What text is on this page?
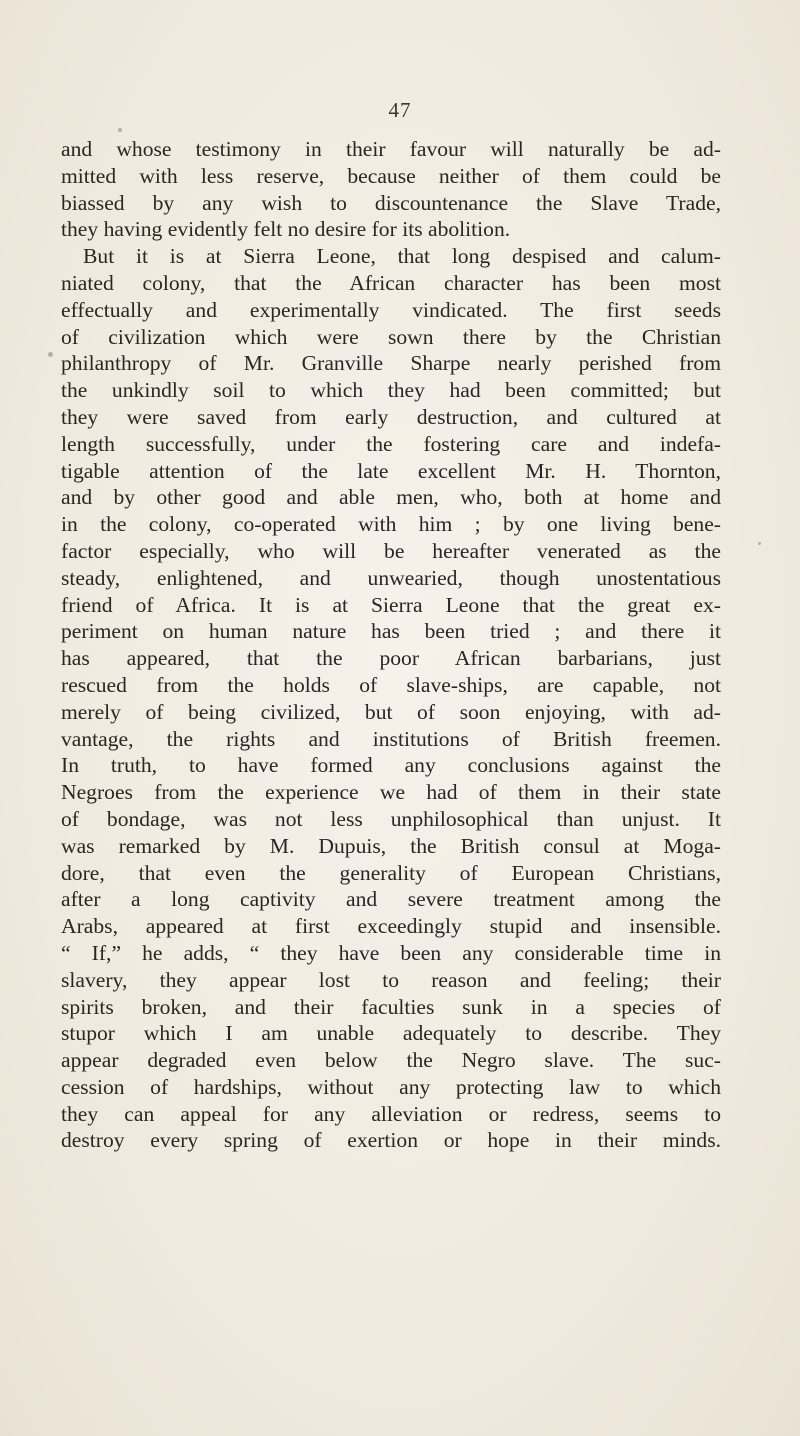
47
and whose testimony in their favour will naturally be ad-
mitted with less reserve, because neither of them could be
biassed by any wish to discountenance the Slave Trade,
they having evidently felt no desire for its abolition.
But it is at Sierra Leone, that long despised and calum-
niated colony, that the African character has been most
effectually and experimentally vindicated. The first seeds
of civilization which were sown there by the Christian
philanthropy of Mr. Granville Sharpe nearly perished from
the unkindly soil to which they had been committed; but
they were saved from early destruction, and cultured at
length successfully, under the fostering care and indefa-
tigable attention of the late excellent Mr. H. Thornton,
and by other good and able men, who, both at home and
in the colony, co-operated with him ; by one living bene-
factor especially, who will be hereafter venerated as the
steady, enlightened, and unwearied, though unostentatious
friend of Africa. It is at Sierra Leone that the great ex-
periment on human nature has been tried ; and there it
has appeared, that the poor African barbarians, just
rescued from the holds of slave-ships, are capable, not
merely of being civilized, but of soon enjoying, with ad-
vantage, the rights and institutions of British freemen.
In truth, to have formed any conclusions against the
Negroes from the experience we had of them in their state
of bondage, was not less unphilosophical than unjust. It
was remarked by M. Dupuis, the British consul at Moga-
dore, that even the generality of European Christians,
after a long captivity and severe treatment among the
Arabs, appeared at first exceedingly stupid and insensible.
“ If,” he adds, “ they have been any considerable time in
slavery, they appear lost to reason and feeling; their
spirits broken, and their faculties sunk in a species of
stupor which I am unable adequately to describe. They
appear degraded even below the Negro slave. The suc-
cession of hardships, without any protecting law to which
they can appeal for any alleviation or redress, seems to
destroy every spring of exertion or hope in their minds.
